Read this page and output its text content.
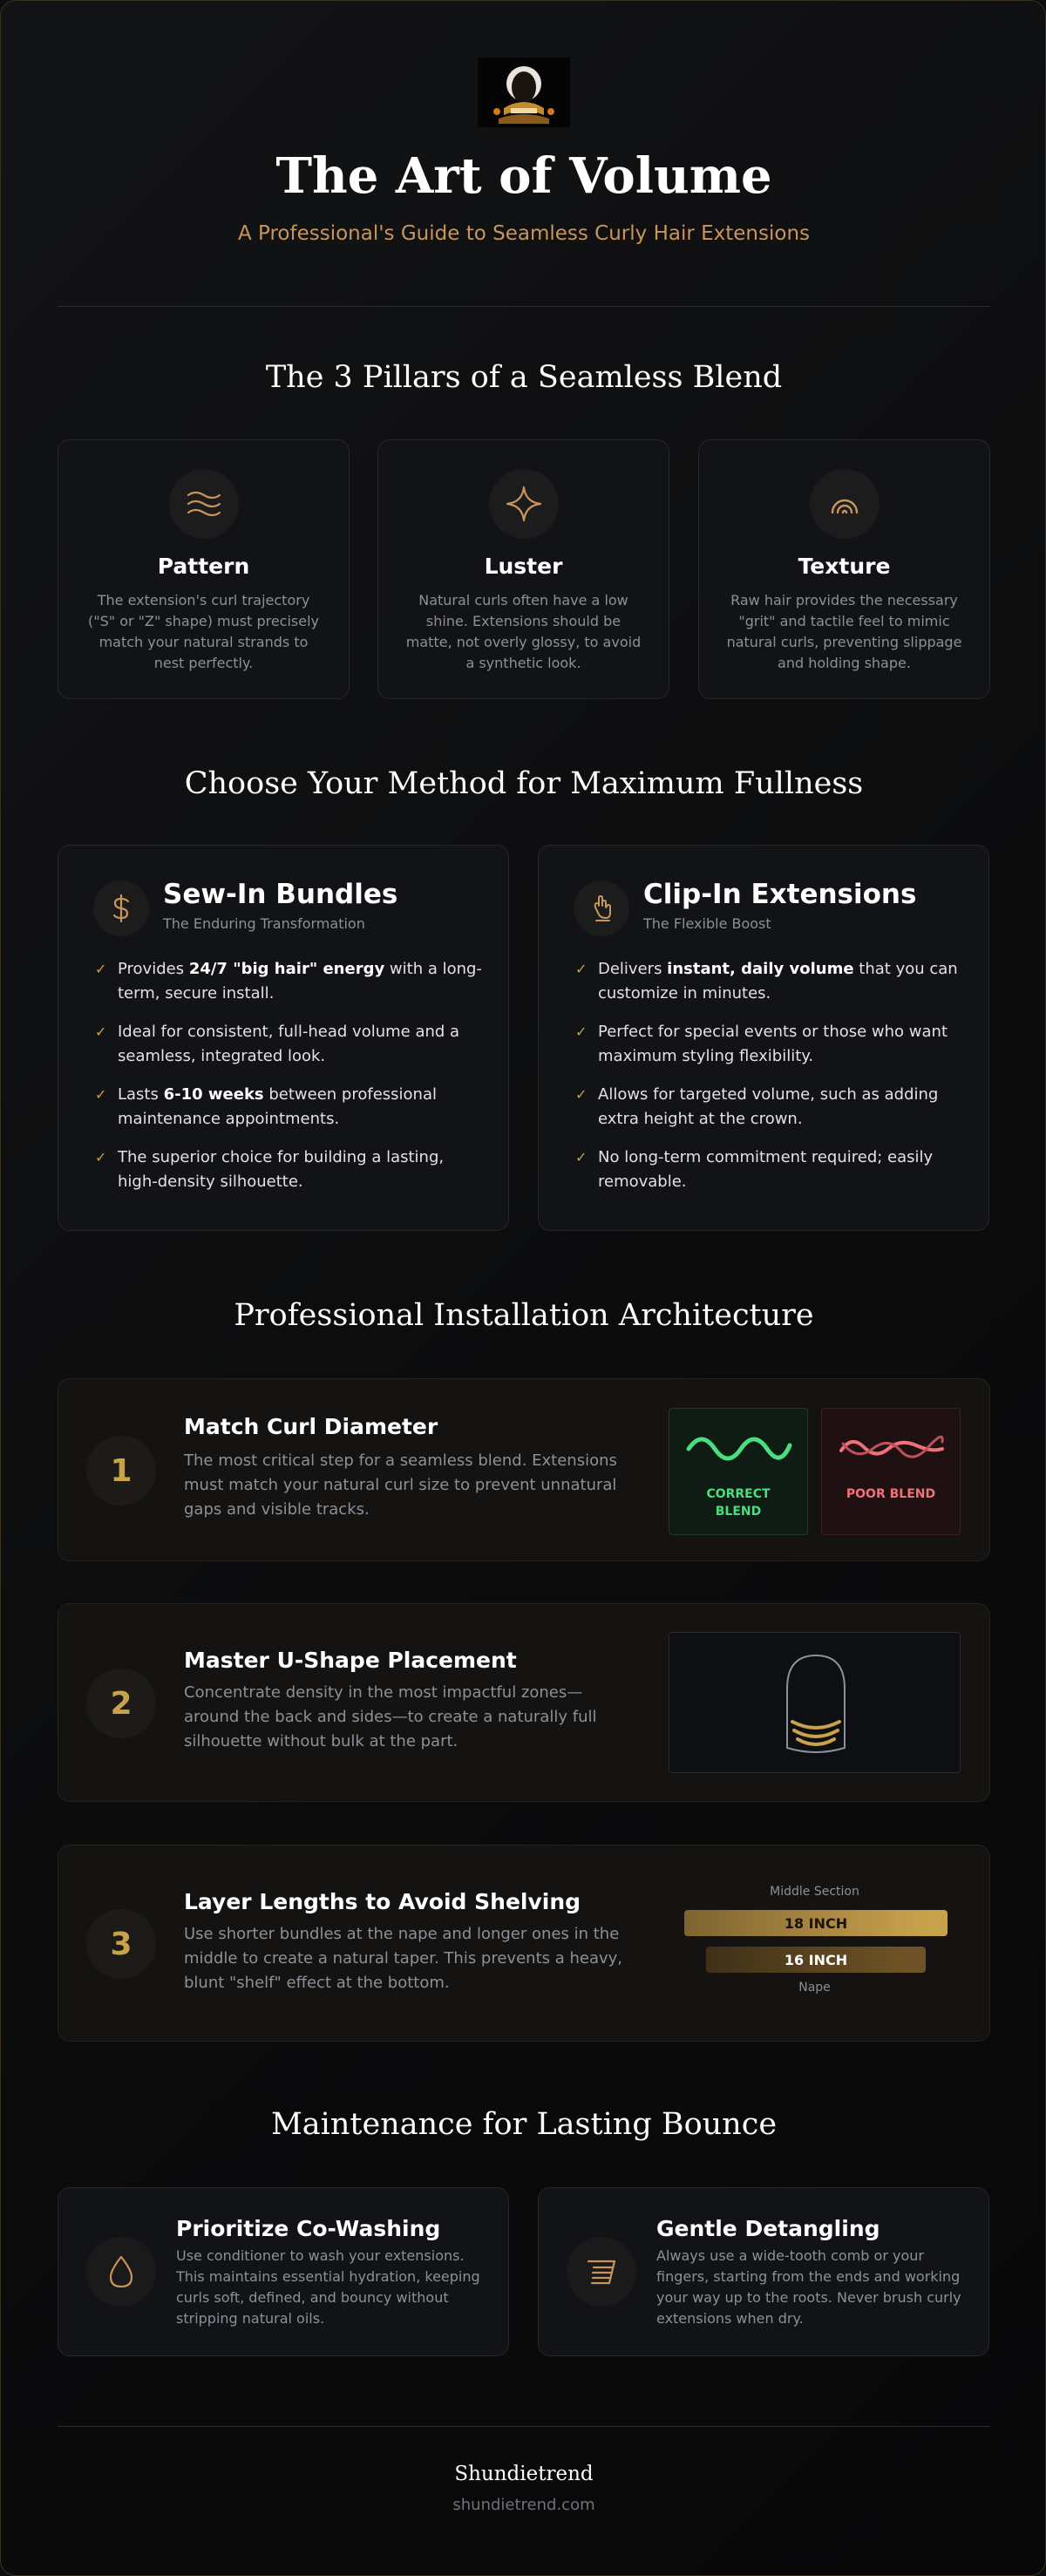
The Art of Volume
A Professional's Guide to Seamless Curly Hair Extensions
The 3 Pillars of a Seamless Blend
Pattern
The extension's curl trajectory ("S" or "Z" shape) must precisely match your natural strands to nest perfectly.
Luster
Natural curls often have a low shine. Extensions should be matte, not overly glossy, to avoid a synthetic look.
Texture
Raw hair provides the necessary "grit" and tactile feel to mimic natural curls, preventing slippage and holding shape.
Choose Your Method for Maximum Fullness
Sew-In Bundles
The Enduring Transformation
✓ Provides 24/7 "big hair" energy with a long-term, secure install.
✓ Ideal for consistent, full-head volume and a seamless, integrated look.
✓ Lasts 6-10 weeks between professional maintenance appointments.
✓ The superior choice for building a lasting, high-density silhouette.
Clip-In Extensions
The Flexible Boost
✓ Delivers instant, daily volume that you can customize in minutes.
✓ Perfect for special events or those who want maximum styling flexibility.
✓ Allows for targeted volume, such as adding extra height at the crown.
✓ No long-term commitment required; easily removable.
Professional Installation Architecture
1
Match Curl Diameter
The most critical step for a seamless blend. Extensions must match your natural curl size to prevent unnatural gaps and visible tracks.
CORRECT
BLEND
POOR BLEND
2
Master U-Shape Placement
Concentrate density in the most impactful zones—around the back and sides—to create a naturally full silhouette without bulk at the part.
3
Layer Lengths to Avoid Shelving
Use shorter bundles at the nape and longer ones in the middle to create a natural taper. This prevents a heavy, blunt "shelf" effect at the bottom.
Middle Section
18 INCH
16 INCH
Nape
Maintenance for Lasting Bounce
Prioritize Co-Washing
Use conditioner to wash your extensions. This maintains essential hydration, keeping curls soft, defined, and bouncy without stripping natural oils.
Gentle Detangling
Always use a wide-tooth comb or your fingers, starting from the ends and working your way up to the roots. Never brush curly extensions when dry.
Shundietrend
shundietrend.com
